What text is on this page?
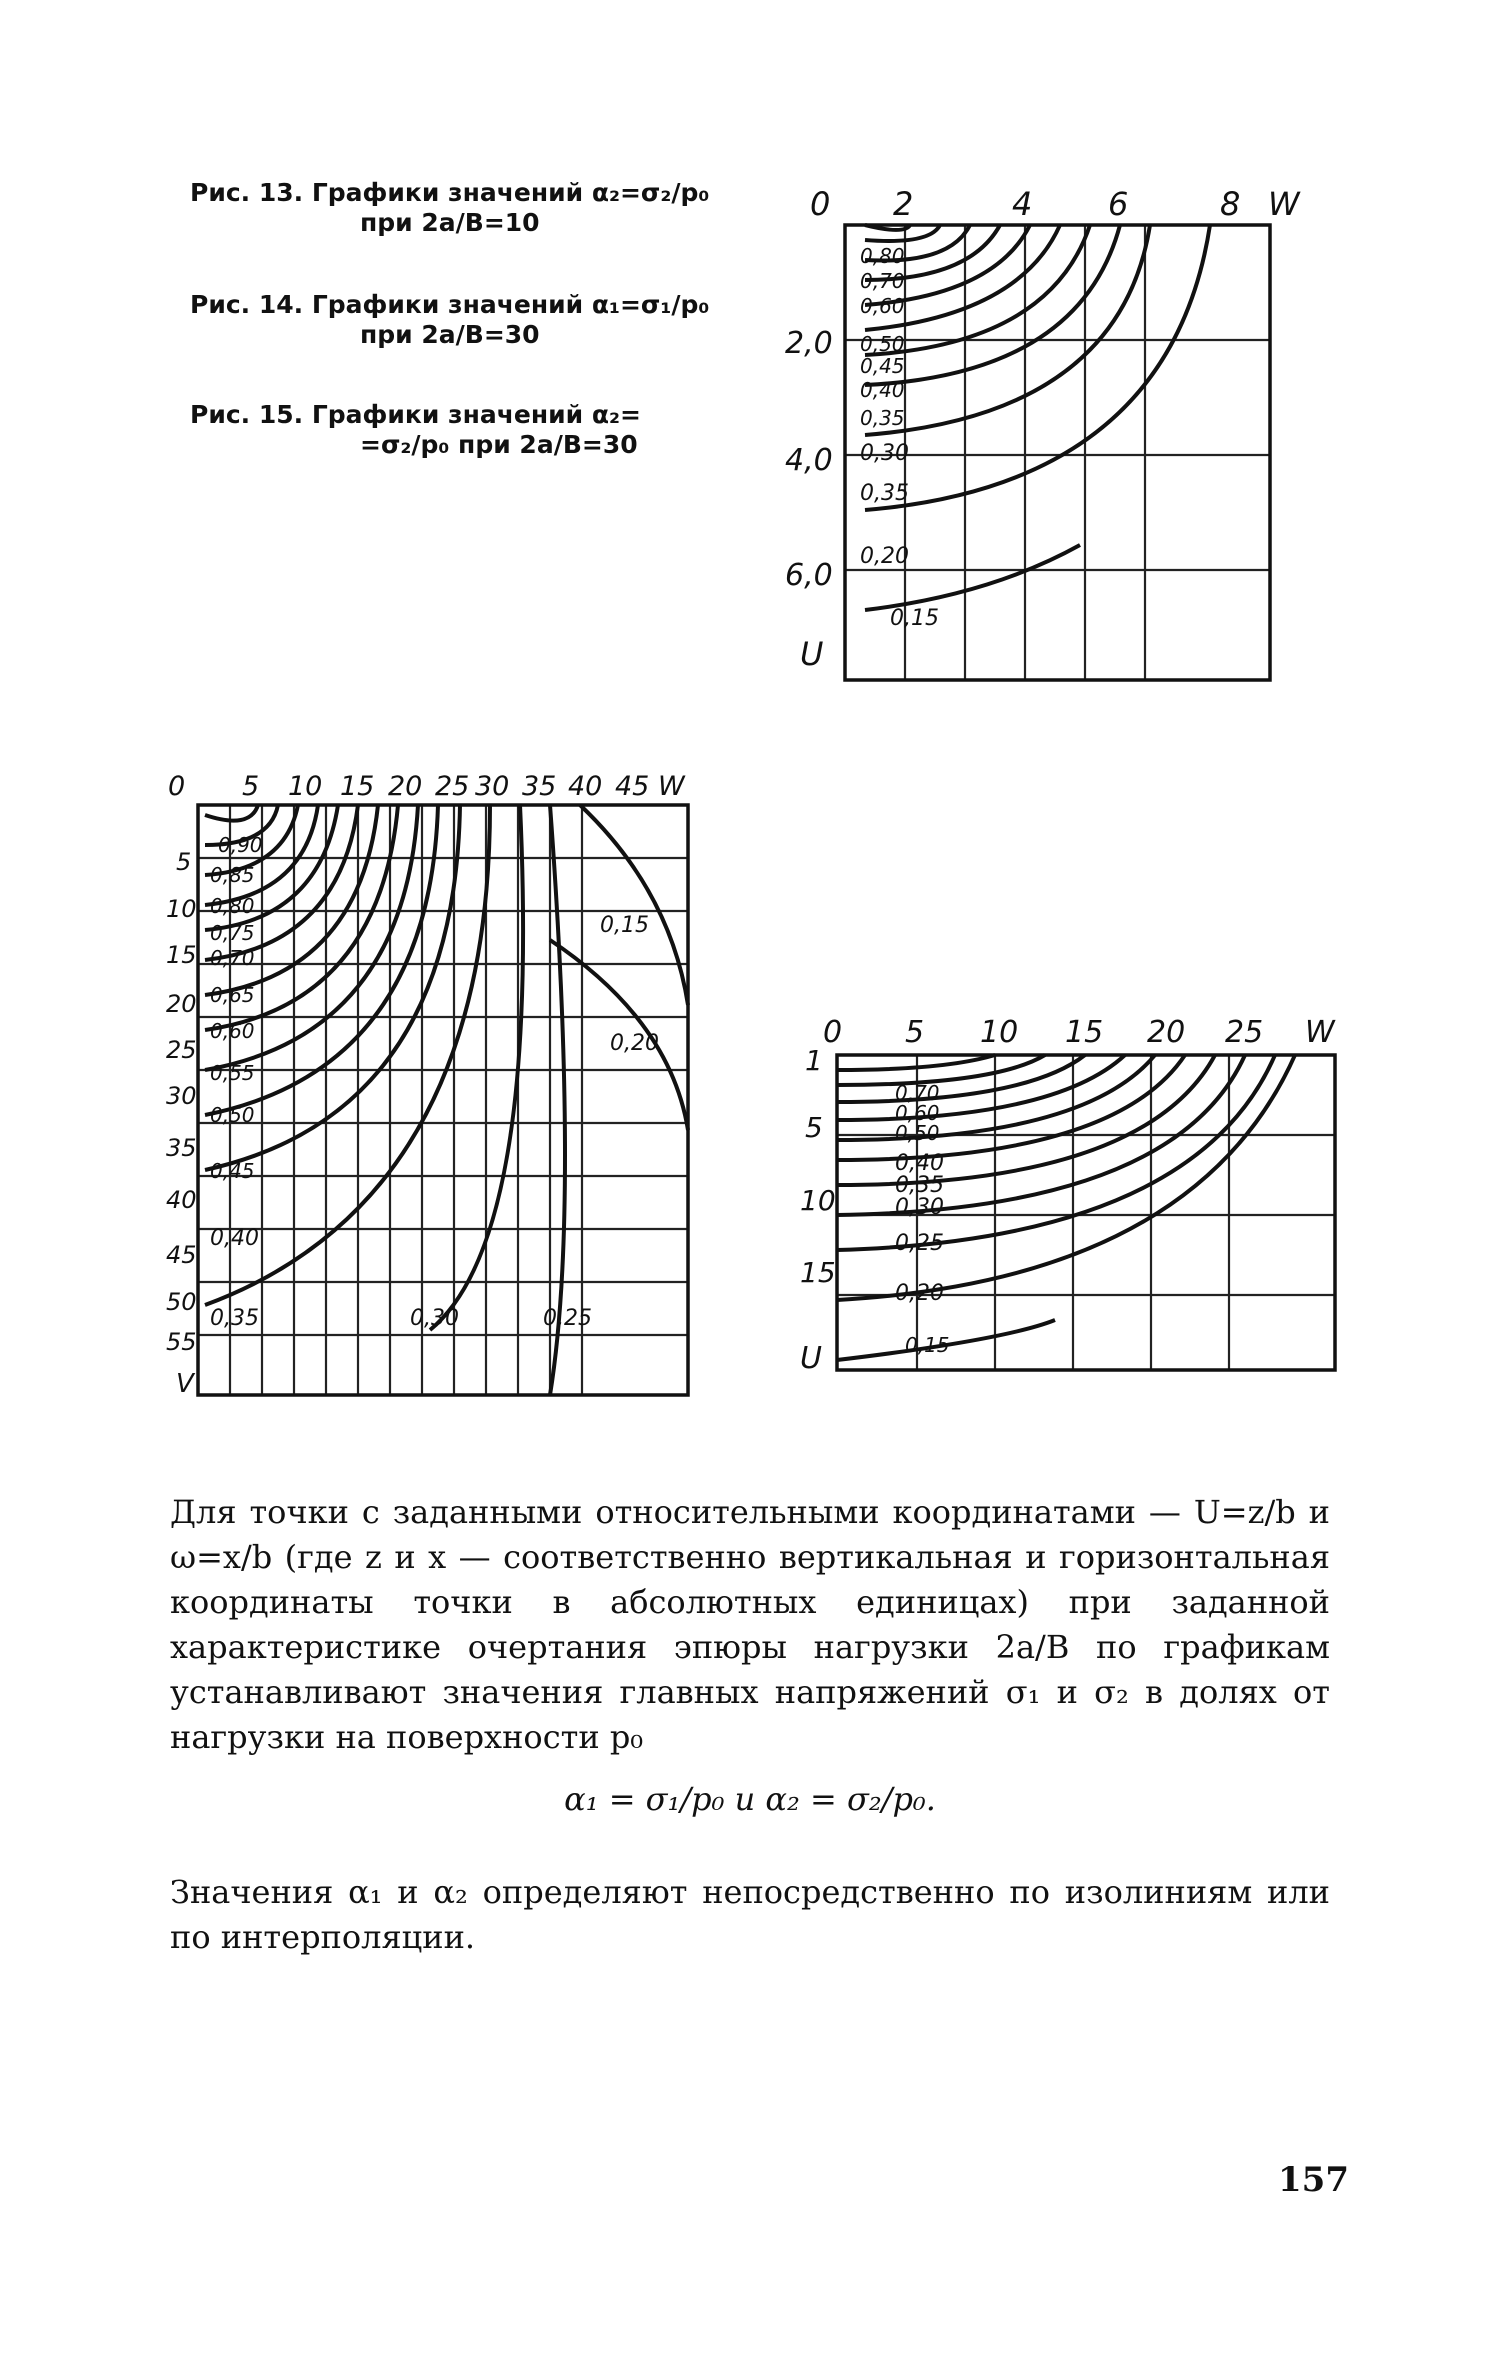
Рис. 13. Графики значений α₂=σ₂/p₀
при 2a/B=10
Рис. 14. Графики значений α₁=σ₁/p₀
при 2a/B=30
Рис. 15. Графики значений α₂=
=σ₂/p₀ при 2a/B=30
0 2	4 6	8 W
2,0
4,0
6,0
U
0,80
0,70
0,60
0,50
0,45
0,40
0,35
0,30
0,35
0,20
0,15
0 5 10 15 20 25 30 35 40 45 W
5
10
15
20
25
30
35
40
45
50
55
V
0,90
0,85
0,80
0,75
0,70
0,65
0,60
0,55
0,50
0,45
0,40
0,35	0,30	0,25
0,15
0,20	0 5 10 15 20 25 W
1
5
10
15
U
0,70
0,60
0,50
0,40
0,35
0,30
0,25
0,20
0,15

Для точки с заданными относительными координатами — U=z/b и ω=x/b (где z и x — соответственно вертикальная и горизонтальная координаты точки в абсолютных единицах) при заданной характеристике очертания эпюры нагрузки 2a/B по графикам устанавливают значения главных напряжений σ₁ и σ₂ в долях от нагрузки на поверхности p₀

α₁ = σ₁/p₀ и α₂ = σ₂/p₀.

Значения α₁ и α₂ определяют непосредственно по изолиниям или по интерполяции.

157
